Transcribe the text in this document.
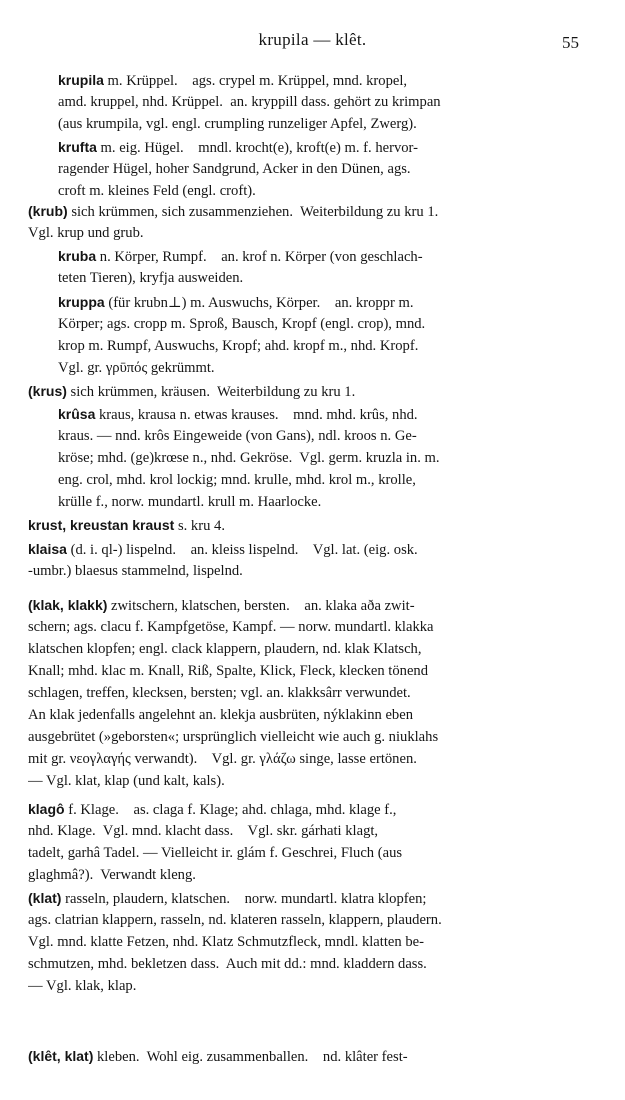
krupila — klêt.	55
krupila m. Krüppel.    ags. crypel m. Krüppel, mnd. kropel,
amd. kruppel, nhd. Krüppel.  an. kryppill dass. gehört zu krimpan
(aus krumpila, vgl. engl. crumpling runzeliger Apfel, Zwerg).
krufta m. eig. Hügel.    mndl. krocht(e), kroft(e) m. f. hervor-
ragender Hügel, hoher Sandgrund, Acker in den Dünen, ags.
croft m. kleines Feld (engl. croft).
(krub) sich krümmen, sich zusammenziehen.  Weiterbildung zu kru 1.
Vgl. krup und grub.
kruba n. Körper, Rumpf.    an. krof n. Körper (von geschlach-
teten Tieren), kryfja ausweiden.
kruppa (für krubn⊥) m. Auswuchs, Körper.    an. kroppr m.
Körper; ags. cropp m. Sproß, Bausch, Kropf (engl. crop), mnd.
krop m. Rumpf, Auswuchs, Kropf; ahd. kropf m., nhd. Kropf.
Vgl. gr. γρῡπός gekrümmt.
(krus) sich krümmen, kräusen.  Weiterbildung zu kru 1.
krûsa kraus, krausa n. etwas krauses.    mnd. mhd. krûs, nhd.
kraus. — nnd. krôs Eingeweide (von Gans), ndl. kroos n. Ge-
kröse; mhd. (ge)krœse n., nhd. Gekröse.  Vgl. germ. kruzla in. m.
eng. crol, mhd. krol lockig; mnd. krulle, mhd. krol m., krolle,
krülle f., norw. mundartl. krull m. Haarlocke.
krust, kreustan kraust s. kru 4.
klaisa (d. i. ql-) lispelnd.    an. kleiss lispelnd.    Vgl. lat. (eig. osk.
-umbr.) blaesus stammelnd, lispelnd.
(klak, klakk) zwitschern, klatschen, bersten.    an. klaka aða zwit-
schern; ags. clacu f. Kampfgetöse, Kampf. — norw. mundartl. klakka
klatschen klopfen; engl. clack klappern, plaudern, nd. klak Klatsch,
Knall; mhd. klac m. Knall, Riß, Spalte, Klick, Fleck, klecken tönend
schlagen, treffen, klecksen, bersten; vgl. an. klakksârr verwundet.
An klak jedenfalls angelehnt an. klekja ausbrüten, nýklakinn eben
ausgebrütet (»geborsten«; ursprünglich vielleicht wie auch g. niuklahs
mit gr. νεογλαγής verwandt).    Vgl. gr. γλάζω singe, lasse ertönen.
— Vgl. klat, klap (und kalt, kals).
klagô f. Klage.    as. claga f. Klage; ahd. chlaga, mhd. klage f.,
nhd. Klage.  Vgl. mnd. klacht dass.    Vgl. skr. gárhati klagt,
tadelt, garhâ Tadel. — Vielleicht ir. glám f. Geschrei, Fluch (aus
glaghmâ?).  Verwandt kleng.
(klat) rasseln, plaudern, klatschen.    norw. mundartl. klatra klopfen;
ags. clatrian klappern, rasseln, nd. klateren rasseln, klappern, plaudern.
Vgl. mnd. klatte Fetzen, nhd. Klatz Schmutzfleck, mndl. klatten be-
schmutzen, mhd. bekletzen dass.  Auch mit dd.: mnd. kladdern dass.
— Vgl. klak, klap.
(klêt, klat) kleben.  Wohl eig. zusammenballen.    nd. klâter fest-
